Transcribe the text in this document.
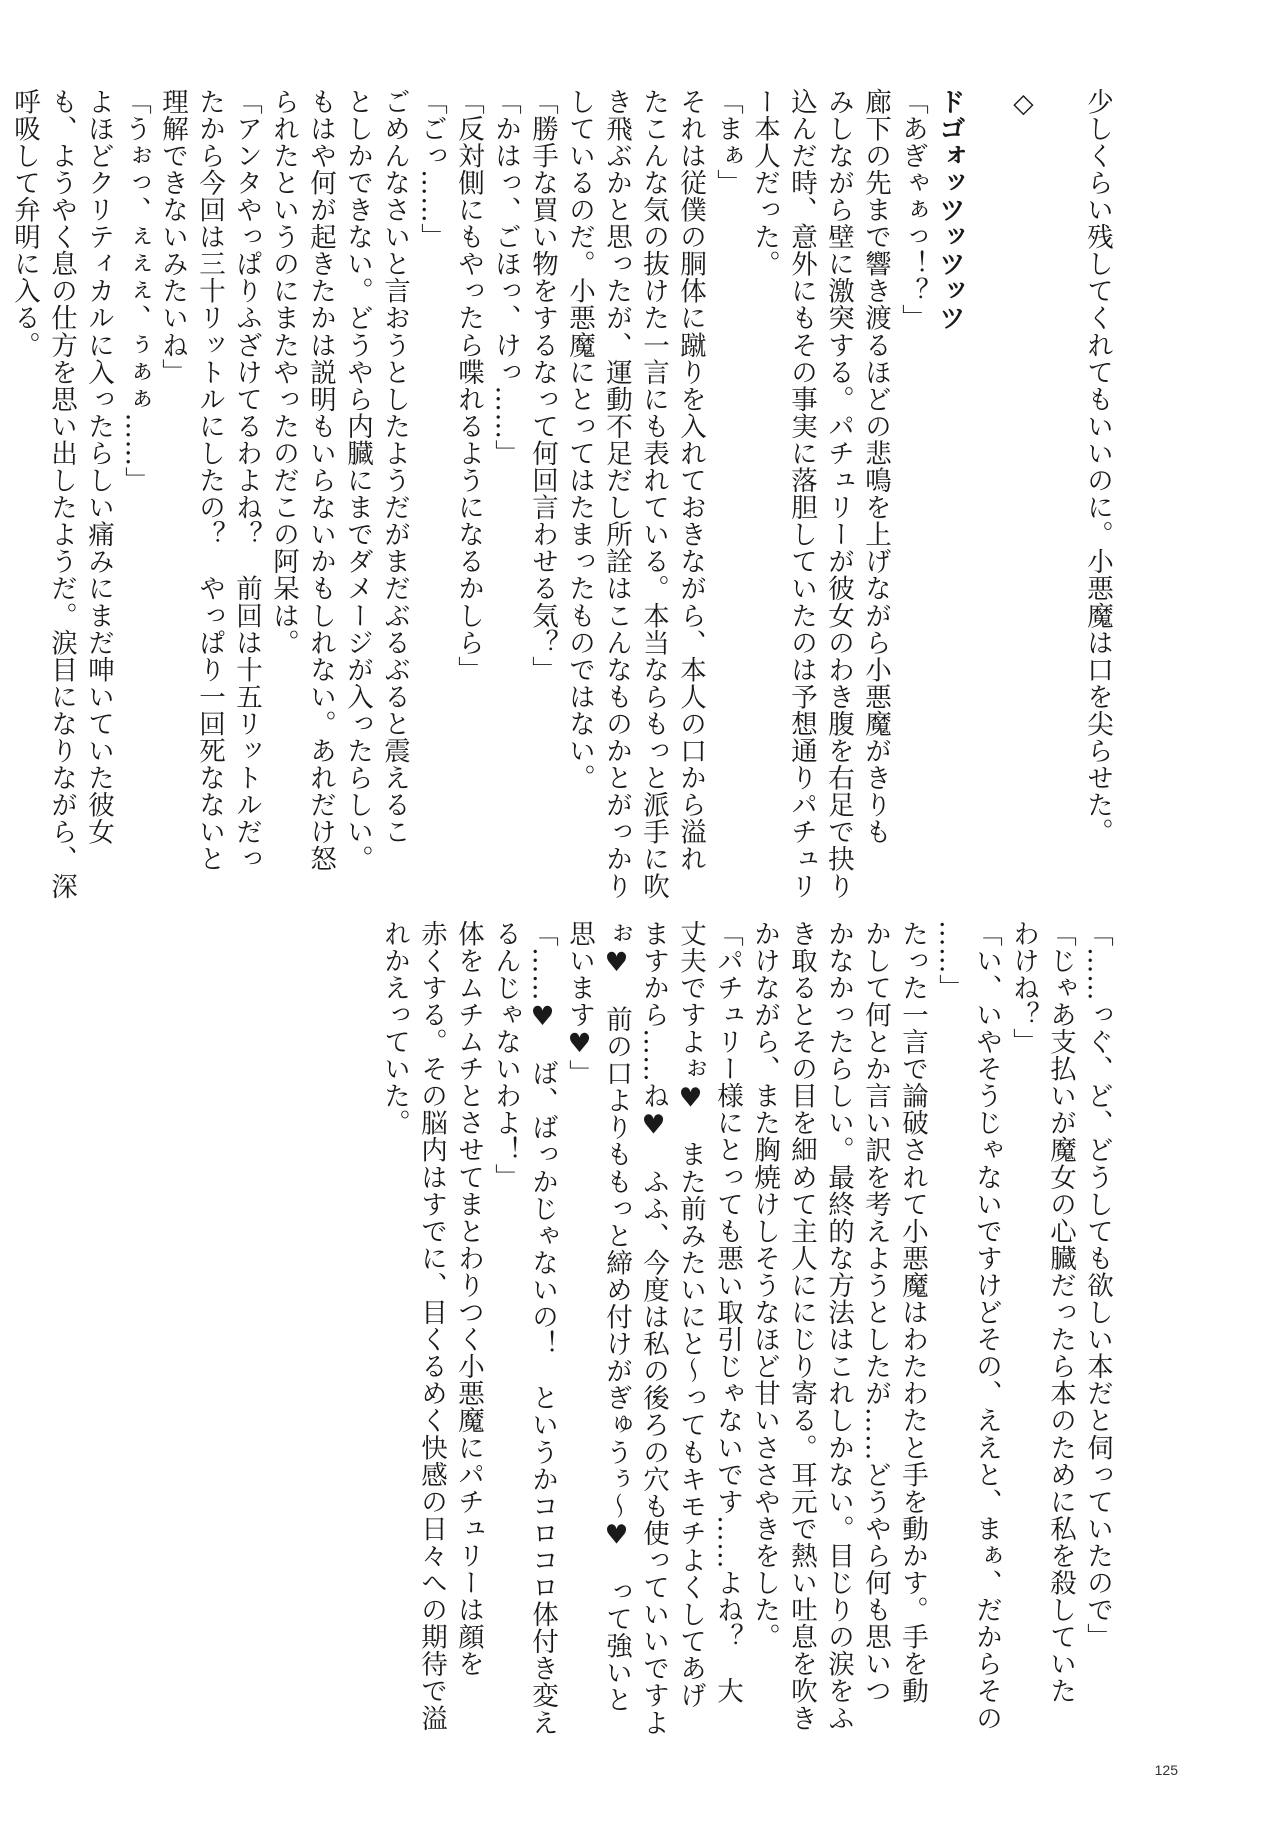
少しくらい残してくれてもいいのに。小悪魔は口を尖らせた。
◇
ドゴォッツッツッツ
「あぎゃぁっ！？」
廊下の先まで響き渡るほどの悲鳴を上げながら小悪魔がきりも
みしながら壁に激突する。パチュリーが彼女のわき腹を右足で抉り
込んだ時、意外にもその事実に落胆していたのは予想通りパチュリ
ー本人だった。
「まぁ」
それは従僕の胴体に蹴りを入れておきながら、本人の口から溢れ
たこんな気の抜けた一言にも表れている。本当ならもっと派手に吹
き飛ぶかと思ったが、運動不足だし所詮はこんなものかとがっかり
しているのだ。小悪魔にとってはたまったものではない。
「勝手な買い物をするなって何回言わせる気？」
「かはっ、ごほっ、けっ……」
「反対側にもやったら喋れるようになるかしら」
「ごっ……」
ごめんなさいと言おうとしたようだがまだぶるぶると震えるこ
としかできない。どうやら内臓にまでダメージが入ったらしい。
もはや何が起きたかは説明もいらないかもしれない。あれだけ怒
られたというのにまたやったのだこの阿呆は。
「アンタやっぱりふざけてるわよね？　前回は十五リットルだっ
たから今回は三十リットルにしたの？　やっぱり一回死なないと
理解できないみたいね」
「うぉっ、ぇぇぇ、ぅぁぁ……」
よほどクリティカルに入ったらしい痛みにまだ呻いていた彼女
も、ようやく息の仕方を思い出したようだ。涙目になりながら、深
呼吸して弁明に入る。
「……っぐ、ど、どうしても欲しい本だと伺っていたので」
「じゃあ支払いが魔女の心臓だったら本のために私を殺していた
わけね？」
「い、いやそうじゃないですけどその、ええと、まぁ、だからその
……」
たった一言で論破されて小悪魔はわたわたと手を動かす。手を動
かして何とか言い訳を考えようとしたが……どうやら何も思いつ
かなかったらしい。最終的な方法はこれしかない。目じりの涙をふ
き取るとその目を細めて主人ににじり寄る。耳元で熱い吐息を吹き
かけながら、また胸焼けしそうなほど甘いささやきをした。
「パチュリー様にとっても悪い取引じゃないです……よね？　大
丈夫ですよぉ♥　また前みたいにと～ってもキモチよくしてあげ
ますから……ね♥　ふふ、今度は私の後ろの穴も使っていいですよ
ぉ♥　前の口よりももっと締め付けがぎゅうぅ～♥　って強いと
思います♥」
「……♥　ば、ばっかじゃないの！　というかコロコロ体付き変え
るんじゃないわよ！」
体をムチムチとさせてまとわりつく小悪魔にパチュリーは顔を
赤くする。その脳内はすでに、目くるめく快感の日々への期待で溢
れかえっていた。
125
